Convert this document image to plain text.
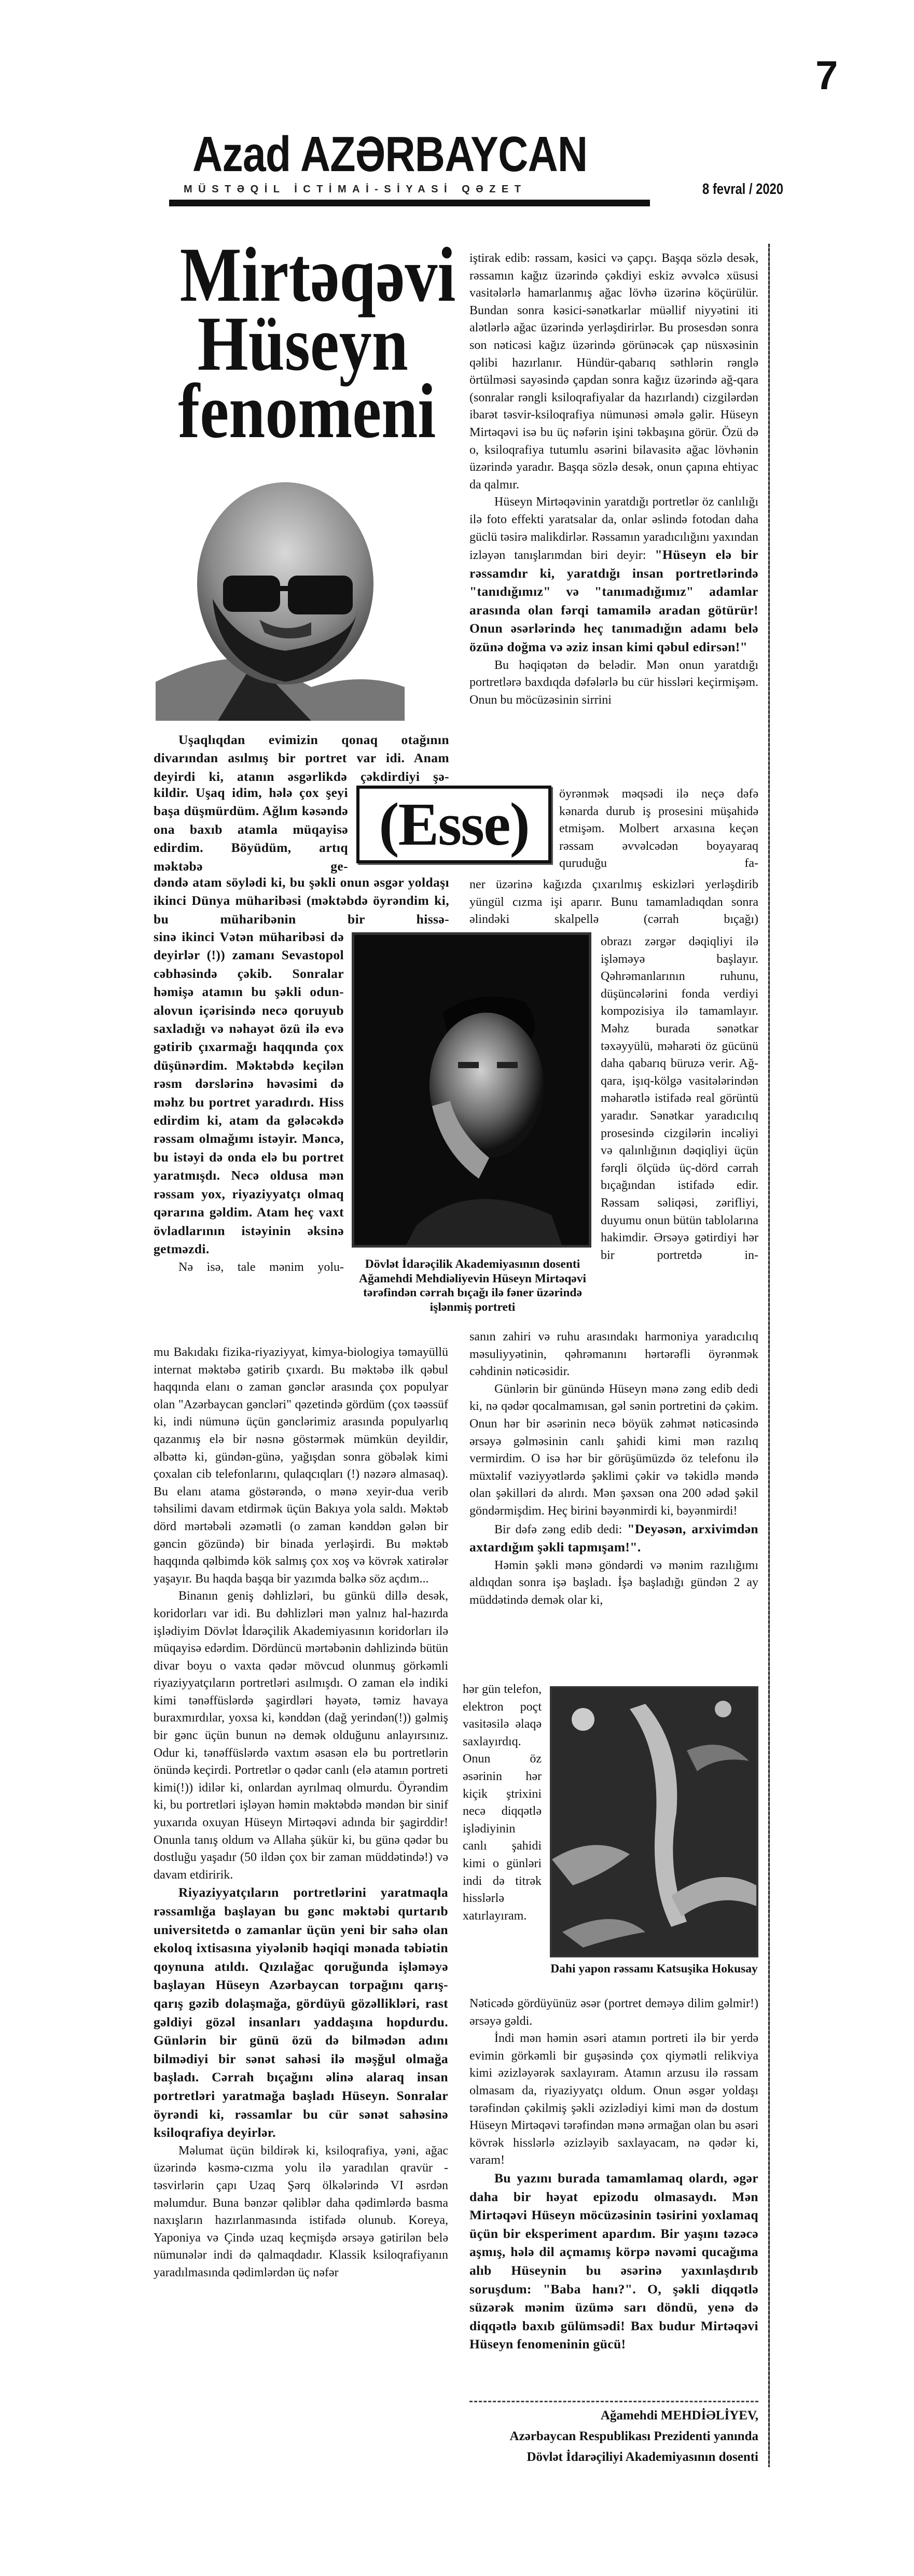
7
Azad AZƏRBAYCAN
MÜSTƏQİL İCTİMAİ-SİYASİ QƏZET	8 fevral / 2020
Mirtəqəvi
Hüseyn
fenomeni
(Esse)
Dövlət İdarəçilik Akademiyasının dosenti Ağamehdi Mehdiəliyevin Hüseyn Mirtəqəvi tərəfindən cərrah bıçağı ilə fəner üzərində işlənmiş portreti
Dahi yapon rəssamı Katsuşika Hokusay

Uşaqlıqdan evimizin qonaq otağının divarından asılmış bir portret var idi. Anam deyirdi ki, atanın əsgərlikdə çəkdirdiyi şə-

kildir. Uşaq idim, hələ çox şeyi başa düşmürdüm. Ağlım kəsəndə ona baxıb atamla müqayisə edirdim. Böyüdüm, artıq məktəbə ge-

dəndə atam söylədi ki, bu şəkli onun əsgər yoldaşı ikinci Dünya müharibəsi (məktəbdə öyrəndim ki, bu müharibənin bir hissə-

sinə ikinci Vətən müharibəsi də deyirlər (!)) zamanı Sevastopol cəbhəsində çəkib. Sonralar həmişə atamın bu şəkli odun-alovun içərisində necə qoruyub saxladığı və nəhayət özü ilə evə gətirib çıxarmağı haqqında çox düşünərdim. Məktəbdə keçilən rəsm dərslərinə həvəsimi də məhz bu portret yaradırdı. Hiss edirdim ki, atam da gələcəkdə rəssam olmağımı istəyir. Məncə, bu istəyi də onda elə bu portret yaratmışdı. Necə oldusa mən rəssam yox, riyaziyyatçı olmaq qərarına gəldim. Atam heç vaxt övladlarının istəyinin əksinə getməzdi.

Nə isə, tale mənim yolu-

mu Bakıdakı fizika-riyaziyyat, kimya-biologiya təmayüllü internat məktəbə gətirib çıxardı. Bu məktəbə ilk qəbul haqqında elanı o zaman gənclər arasında çox populyar olan "Azərbaycan gəncləri" qəzetində gördüm (çox təəssüf ki, indi nümunə üçün gənclərimiz arasında populyarlıq qazanmış elə bir nəsnə göstərmək mümkün deyildir, əlbəttə ki, gündən-günə, yağışdan sonra göbələk kimi çoxalan cib telefonlarını, qulaqcıqları (!) nəzərə almasaq). Bu elanı atama göstərəndə, o mənə xeyir-dua verib təhsilimi davam etdirmək üçün Bakıya yola saldı. Məktəb dörd mərtəbəli əzəmətli (o zaman kənddən gələn bir gəncin gözündə) bir binada yerləşirdi. Bu məktəb haqqında qəlbimdə kök salmış çox xoş və kövrək xatirələr yaşayır. Bu haqda başqa bir yazımda bəlkə söz açdım...

Binanın geniş dəhlizləri, bu günkü dillə desək, koridorları var idi. Bu dəhlizləri mən yalnız hal-hazırda işlədiyim Dövlət İdarəçilik Akademiyasının koridorları ilə müqayisə edərdim. Dördüncü mərtəbənin dəhlizində bütün divar boyu o vaxta qədər mövcud olunmuş görkəmli riyaziyyatçıların portretləri asılmışdı. O zaman elə indiki kimi tənəffüslərdə şagirdləri həyətə, təmiz havaya buraxmırdılar, yoxsa ki, kənddən (dağ yerindən(!)) gəlmiş bir gənc üçün bunun nə demək olduğunu anlayırsınız. Odur ki, tənəffüslərdə vaxtım əsasən elə bu portretlərin önündə keçirdi. Portretlər o qədər canlı (elə atamın portreti kimi(!)) idilər ki, onlardan ayrılmaq olmurdu. Öyrəndim ki, bu portretləri işləyən həmin məktəbdə məndən bir sinif yuxarıda oxuyan Hüseyn Mirtəqəvi adında bir şagirddir! Onunla tanış oldum və Allaha şükür ki, bu günə qədər bu dostluğu yaşadır (50 ildən çox bir zaman müddətində!) və davam etdiririk.

Riyaziyyatçıların portretlərini yaratmaqla rəssamlığa başlayan bu gənc məktəbi qurtarıb universitetdə o zamanlar üçün yeni bir sahə olan ekoloq ixtisasına yiyələnib həqiqi mənada təbiətin qoynuna atıldı. Qızılağac qoruğunda işləməyə başlayan Hüseyn Azərbaycan torpağını qarış-qarış gəzib dolaşmağa, gördüyü gözəllikləri, rast gəldiyi gözəl insanları yaddaşına hopdurdu. Günlərin bir günü özü də bilmədən adını bilmədiyi bir sənət sahəsi ilə məşğul olmağa başladı. Cərrah bıçağını əlinə alaraq insan portretləri yaratmağa başladı Hüseyn. Sonralar öyrəndi ki, rəssamlar bu cür sənət sahəsinə ksiloqrafiya deyirlər.

Məlumat üçün bildirək ki, ksiloqrafiya, yəni, ağac üzərində kəsmə-cızma yolu ilə yaradılan qravür - təsvirlərin çapı Uzaq Şərq ölkələrində VI əsrdən məlumdur. Buna bənzər qəliblər daha qədimlərdə basma naxışların hazırlanmasında istifadə olunub. Koreya, Yaponiya və Çində uzaq keçmişdə ərsəyə gətirilən belə nümunələr indi də qalmaqdadır. Klassik ksiloqrafiyanın yaradılmasında qədimlərdən üç nəfər

iştirak edib: rəssam, kəsici və çapçı. Başqa sözlə desək, rəssamın kağız üzərində çəkdiyi eskiz əvvəlcə xüsusi vasitələrlə hamarlanmış ağac lövhə üzərinə köçürülür. Bundan sonra kəsici-sənətkarlar müəllif niyyətini iti alətlərlə ağac üzərində yerləşdirirlər. Bu prosesdən sonra son nəticəsi kağız üzərində görünəcək çap nüsxəsinin qəlibi hazırlanır. Hündür-qabarıq səthlərin rənglə örtülməsi sayəsində çapdan sonra kağız üzərində ağ-qara (sonralar rəngli ksiloqrafiyalar da hazırlandı) cizgilərdən ibarət təsvir-ksiloqrafiya nümunəsi əmələ gəlir. Hüseyn Mirtəqəvi isə bu üç nəfərin işini təkbaşına görür. Özü də o, ksiloqrafiya tutumlu əsərini bilavasitə ağac lövhənin üzərində yaradır. Başqa sözlə desək, onun çapına ehtiyac da qalmır.

Hüseyn Mirtəqəvinin yaratdığı portretlər öz canlılığı ilə foto effekti yaratsalar da, onlar əslində fotodan daha güclü təsirə malikdirlər. Rəssamın yaradıcılığını yaxından izləyən tanışlarımdan biri deyir: "Hüseyn elə bir rəssamdır ki, yaratdığı insan portretlərində "tanıdığımız" və "tanımadığımız" adamlar arasında olan fərqi tamamilə aradan götürür! Onun əsərlərində heç tanımadığın adamı belə özünə doğma və əziz insan kimi qəbul edirsən!"

Bu həqiqətən də belədir. Mən onun yaratdığı portretlərə baxdıqda dəfələrlə bu cür hissləri keçirmişəm. Onun bu möcüzəsinin sirrini

öyrənmək məqsədi ilə neçə dəfə kənarda durub iş prosesini müşahidə etmişəm. Molbert arxasına keçən rəssam əvvəlcədən boyayaraq quruduğu fa-

ner üzərinə kağızda çıxarılmış eskizləri yerləşdirib yüngül cızma işi aparır. Bunu tamamladıqdan sonra əlindəki skalpellə (cərrah bıçağı)

obrazı zərgər dəqiqliyi ilə işləməyə başlayır. Qəhrəmanlarının ruhunu, düşüncələrini fonda verdiyi kompozisiya ilə tamamlayır. Məhz burada sənətkar təxəyyülü, məharəti öz gücünü daha qabarıq büruzə verir. Ağ-qara, işıq-kölgə vasitələrindən məharətlə istifadə real görüntü yaradır. Sənətkar yaradıcılıq prosesində cizgilərin incəliyi və qalınlığının dəqiqliyi üçün fərqli ölçüdə üç-dörd cərrah bıçağından istifadə edir. Rəssam səliqəsi, zərifliyi, duyumu onun bütün tablolarına hakimdir. Ərsəyə gətirdiyi hər bir portretdə in-

sanın zahiri və ruhu arasındakı harmoniya yaradıcılıq məsuliyyətinin, qəhrəmanını hərtərəfli öyrənmək cəhdinin nəticəsidir.

Günlərin bir günündə Hüseyn mənə zəng edib dedi ki, nə qədər qocalmamısan, gəl sənin portretini də çəkim. Onun hər bir əsərinin necə böyük zəhmət nəticəsində ərsəyə gəlməsinin canlı şahidi kimi mən razılıq vermirdim. O isə hər bir görüşümüzdə öz telefonu ilə müxtəlif vəziyyətlərdə şəklimi çəkir və təkidlə məndə olan şəkilləri də alırdı. Mən şəxsən ona 200 ədəd şəkil göndərmişdim. Heç birini bəyənmirdi ki, bəyənmirdi!

Bir dəfə zəng edib dedi: "Deyəsən, arxivimdən axtardığım şəkli tapmışam!".

Həmin şəkli mənə göndərdi və mənim razılığımı aldıqdan sonra işə başladı. İşə başladığı gündən 2 ay müddətində demək olar ki,

hər gün telefon, elektron poçt vasitəsilə əlaqə saxlayırdıq. Onun öz əsərinin hər kiçik ştrixini necə diqqətlə işlədiyinin canlı şahidi kimi o günləri indi də titrək hisslərlə xatırlayıram.

Nəticədə gördüyünüz əsər (portret deməyə dilim gəlmir!) ərsəyə gəldi.

İndi mən həmin əsəri atamın portreti ilə bir yerdə evimin görkəmli bir guşəsində çox qiymətli relikviya kimi əzizləyərək saxlayıram. Atamın arzusu ilə rəssam olmasam da, riyaziyyatçı oldum. Onun əsgər yoldaşı tərəfindən çəkilmiş şəkli əzizlədiyi kimi mən də dostum Hüseyn Mirtəqəvi tərəfindən mənə ərmağan olan bu əsəri kövrək hisslərlə əzizləyib saxlayacam, nə qədər ki, varam!

Bu yazını burada tamamlamaq olardı, əgər daha bir həyat epizodu olmasaydı. Mən Mirtəqəvi Hüseyn möcüzəsinin təsirini yoxlamaq üçün bir eksperiment apardım. Bir yaşını təzəcə aşmış, hələ dil açmamış körpə nəvəmi qucağıma alıb Hüseynin bu əsərinə yaxınlaşdırıb soruşdum: "Baba hanı?". O, şəkli diqqətlə süzərək mənim üzümə sarı döndü, yenə də diqqətlə baxıb gülümsədi! Bax budur Mirtəqəvi Hüseyn fenomeninin gücü!

Ağamehdi MEHDİƏLİYEV,
Azərbaycan Respublikası Prezidenti yanında
Dövlət İdarəçiliyi Akademiyasının dosenti
